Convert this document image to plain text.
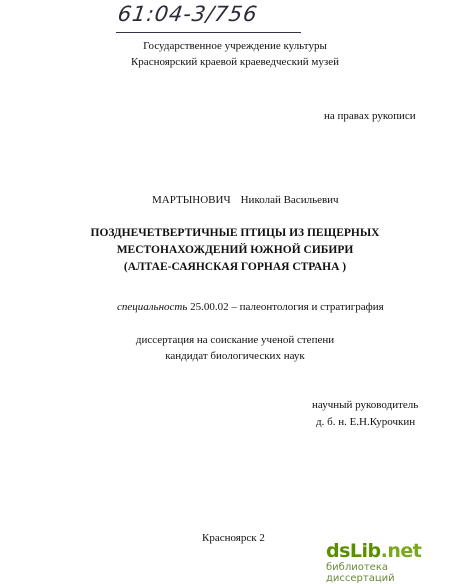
61:04-3/756
Государственное учреждение культуры
Красноярский краевой краеведческий музей
на правах рукописи
МАРТЫНОВИЧ Николай Васильевич
ПОЗДНЕЧЕТВЕРТИЧНЫЕ ПТИЦЫ ИЗ ПЕЩЕРНЫХ
МЕСТОНАХОЖДЕНИЙ ЮЖНОЙ СИБИРИ
(АЛТАЕ-САЯНСКАЯ ГОРНАЯ СТРАНА )
специальность 25.00.02 – палеонтология и стратиграфия
диссертация на соискание ученой степени
кандидат биологических наук
научный руководитель
д. б. н. Е.Н.Курочкин
Красноярск 2
dsLib.net
библиотека диссертаций
